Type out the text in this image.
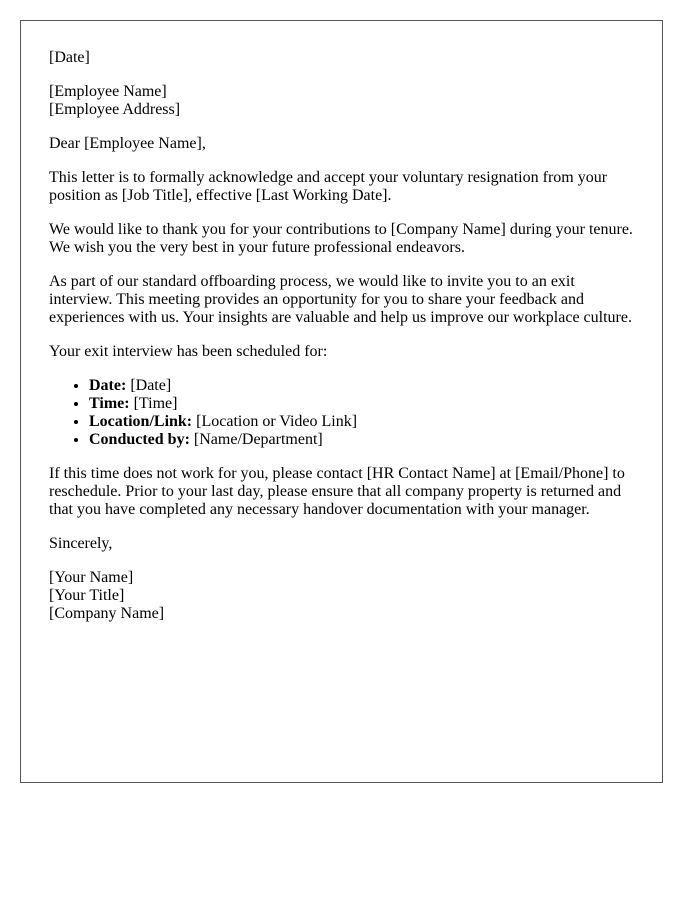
[Date]

[Employee Name]
[Employee Address]

Dear [Employee Name],

This letter is to formally acknowledge and accept your voluntary resignation from your position as [Job Title], effective [Last Working Date].

We would like to thank you for your contributions to [Company Name] during your tenure. We wish you the very best in your future professional endeavors.

As part of our standard offboarding process, we would like to invite you to an exit interview. This meeting provides an opportunity for you to share your feedback and experiences with us. Your insights are valuable and help us improve our workplace culture.

Your exit interview has been scheduled for:

• Date: [Date]
• Time: [Time]
• Location/Link: [Location or Video Link]
• Conducted by: [Name/Department]

If this time does not work for you, please contact [HR Contact Name] at [Email/Phone] to reschedule. Prior to your last day, please ensure that all company property is returned and that you have completed any necessary handover documentation with your manager.

Sincerely,

[Your Name]
[Your Title]
[Company Name]
